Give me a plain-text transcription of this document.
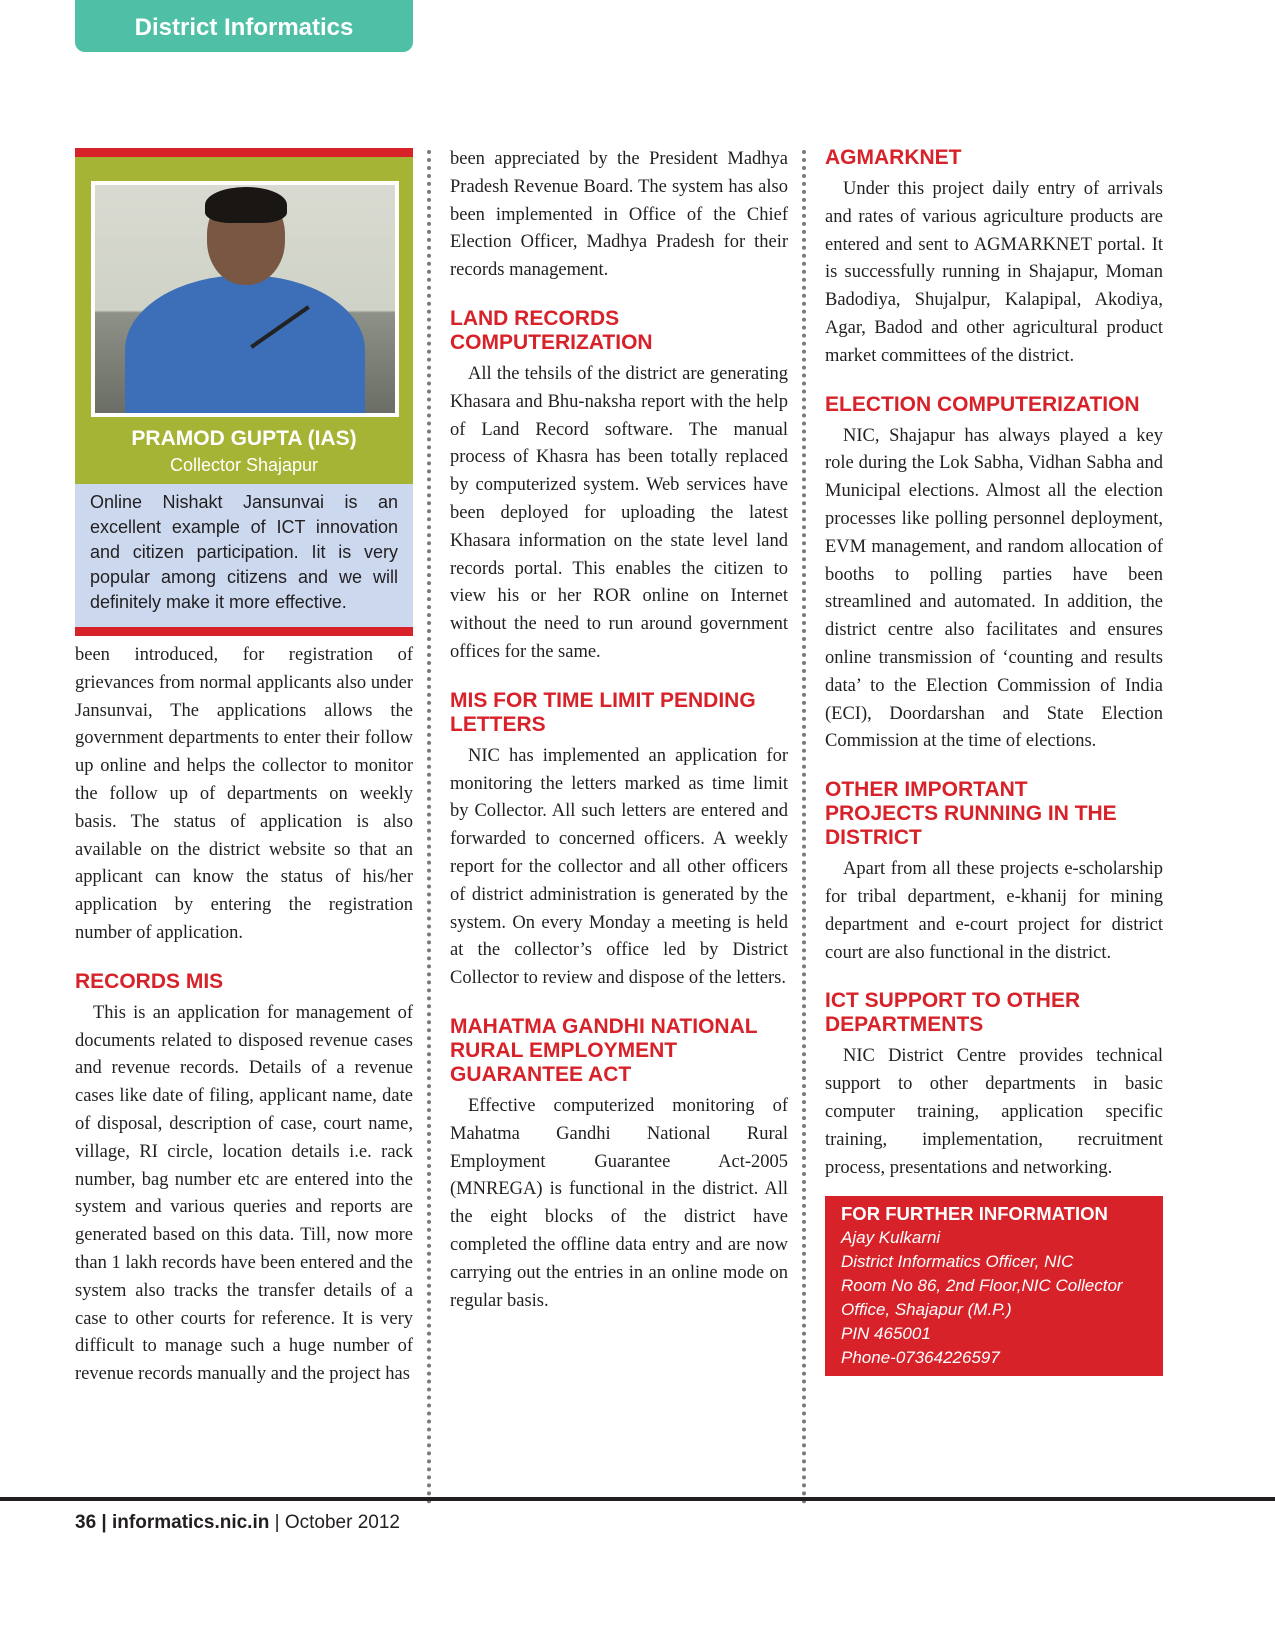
District Informatics
PRAMOD GUPTA (IAS)
Collector Shajapur
Online Nishakt Jansunvai is an excellent example of ICT innovation and citizen participation. Iit is very popular among citizens and we will definitely make it more effective.

been introduced, for registration of grievances from normal applicants also under Jansunvai, The applications allows the government departments to enter their follow up online and helps the collector to monitor the follow up of departments on weekly basis. The status of application is also available on the district website so that an applicant can know the status of his/her application by entering the registration number of application.

RECORDS MIS

This is an application for management of documents related to disposed revenue cases and revenue records. Details of a revenue cases like date of filing, applicant name, date of disposal, description of case, court name, village, RI circle, location details i.e. rack number, bag number etc are entered into the system and various queries and reports are generated based on this data. Till, now more than 1 lakh records have been entered and the system also tracks the transfer details of a case to other courts for reference. It is very difficult to manage such a huge number of revenue records manually and the project has

been appreciated by the President Madhya Pradesh Revenue Board. The system has also been implemented in Office of the Chief Election Officer, Madhya Pradesh for their records management.

LAND RECORDS COMPUTERIZATION

All the tehsils of the district are generating Khasara and Bhu-naksha report with the help of Land Record software. The manual process of Khasra has been totally replaced by computerized system. Web services have been deployed for uploading the latest Khasara information on the state level land records portal. This enables the citizen to view his or her ROR online on Internet without the need to run around government offices for the same.

MIS FOR TIME LIMIT PENDING LETTERS

NIC has implemented an application for monitoring the letters marked as time limit by Collector. All such letters are entered and forwarded to concerned officers. A weekly report for the collector and all other officers of district administration is generated by the system. On every Monday a meeting is held at the collector’s office led by District Collector to review and dispose of the letters.

MAHATMA GANDHI NATIONAL RURAL EMPLOYMENT GUARANTEE ACT

Effective computerized monitoring of Mahatma Gandhi National Rural Employment Guarantee Act-2005 (MNREGA) is functional in the district. All the eight blocks of the district have completed the offline data entry and are now carrying out the entries in an online mode on regular basis.

AGMARKNET

Under this project daily entry of arrivals and rates of various agriculture products are entered and sent to AGMARKNET portal. It is successfully running in Shajapur, Moman Badodiya, Shujalpur, Kalapipal, Akodiya, Agar, Badod and other agricultural product market committees of the district.

ELECTION COMPUTERIZATION

NIC, Shajapur has always played a key role during the Lok Sabha, Vidhan Sabha and Municipal elections. Almost all the election processes like polling personnel deployment, EVM management, and random allocation of booths to polling parties have been streamlined and automated. In addition, the district centre also facilitates and ensures online transmission of ‘counting and results data’ to the Election Commission of India (ECI), Doordarshan and State Election Commission at the time of elections.

OTHER IMPORTANT PROJECTS RUNNING IN THE DISTRICT

Apart from all these projects e-scholarship for tribal department, e-khanij for mining department and e-court project for district court are also functional in the district.

ICT SUPPORT TO OTHER DEPARTMENTS

NIC District Centre provides technical support to other departments in basic computer training, application specific training, implementation, recruitment process, presentations and networking.

FOR FURTHER INFORMATION
Ajay Kulkarni
District Informatics Officer, NIC
Room No 86, 2nd Floor,NIC Collector
Office, Shajapur (M.P.)
PIN 465001
Phone-07364226597
36 | informatics.nic.in | October 2012
